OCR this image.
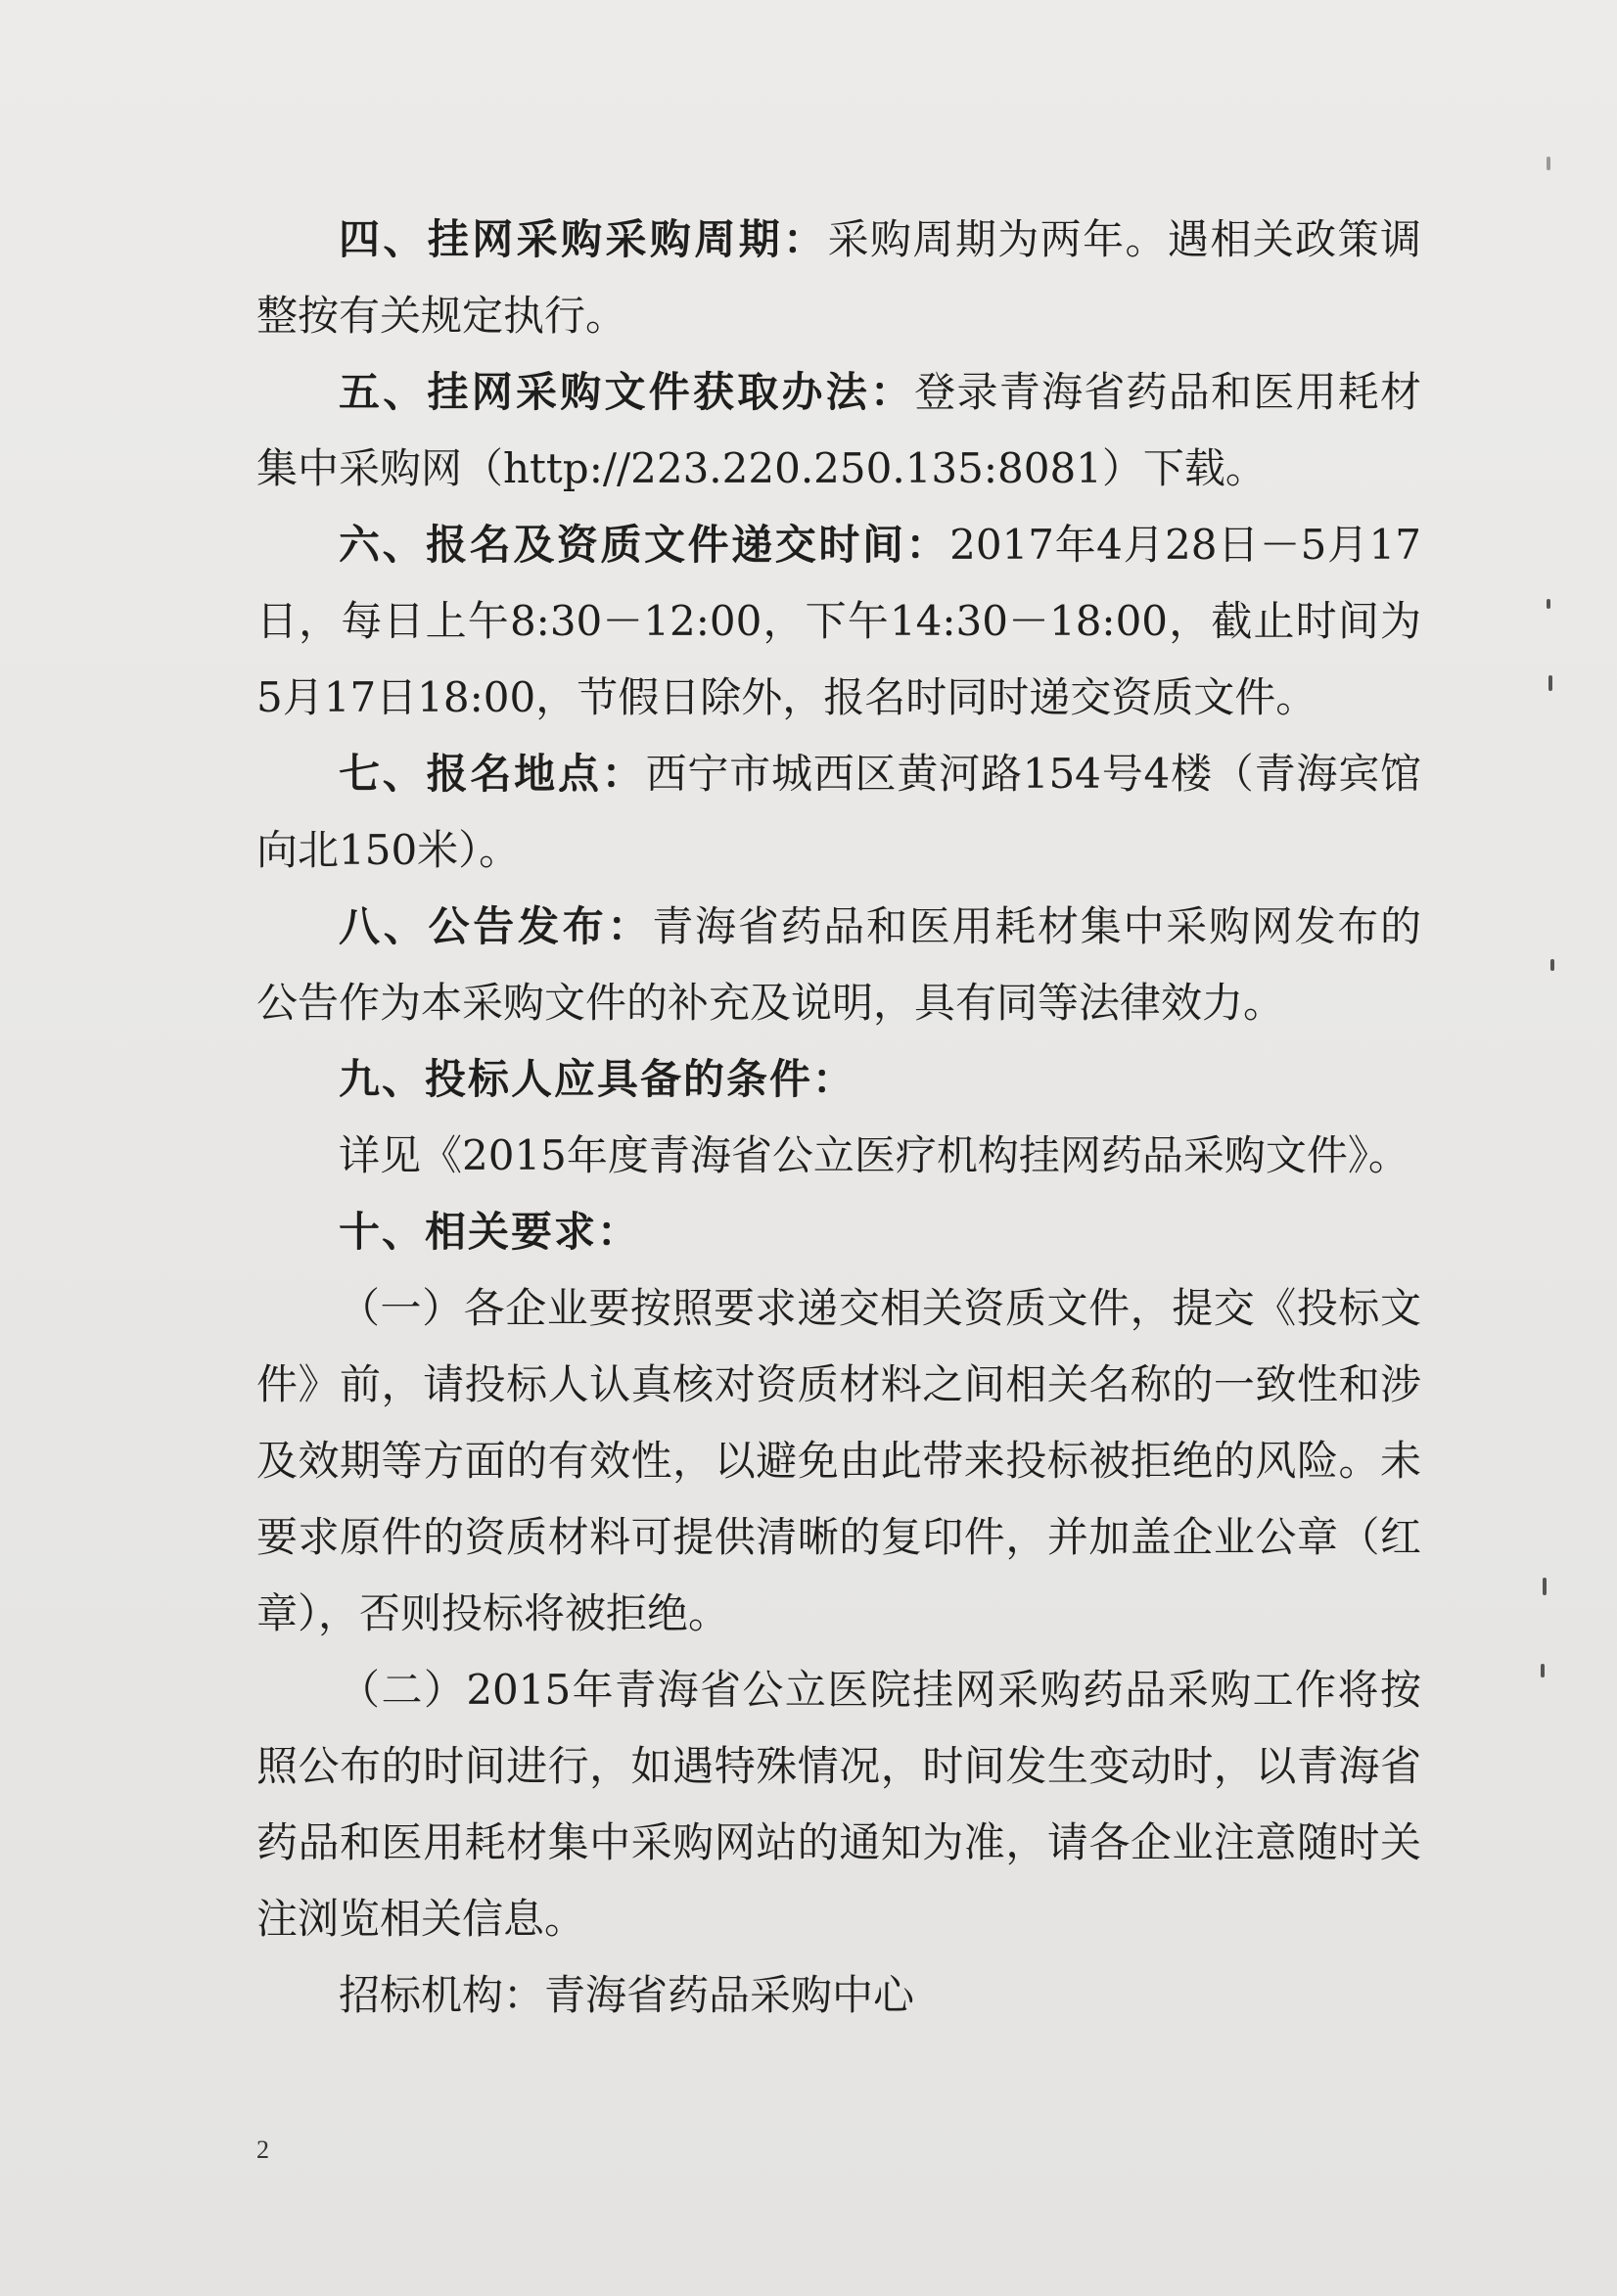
四、挂网采购采购周期：采购周期为两年。遇相关政策调整按有关规定执行。

五、挂网采购文件获取办法：登录青海省药品和医用耗材集中采购网（http://223.220.250.135:8081）下载。

六、报名及资质文件递交时间：2017年4月28日－5月17日，每日上午8:30－12:00，下午14:30－18:00，截止时间为5月17日18:00，节假日除外，报名时同时递交资质文件。

七、报名地点：西宁市城西区黄河路154号4楼（青海宾馆向北150米）。

八、公告发布：青海省药品和医用耗材集中采购网发布的公告作为本采购文件的补充及说明，具有同等法律效力。

九、投标人应具备的条件：

详见《2015年度青海省公立医疗机构挂网药品采购文件》。

十、相关要求：

（一）各企业要按照要求递交相关资质文件，提交《投标文件》前，请投标人认真核对资质材料之间相关名称的一致性和涉及效期等方面的有效性，以避免由此带来投标被拒绝的风险。未要求原件的资质材料可提供清晰的复印件，并加盖企业公章（红章），否则投标将被拒绝。

（二）2015年青海省公立医院挂网采购药品采购工作将按照公布的时间进行，如遇特殊情况，时间发生变动时，以青海省药品和医用耗材集中采购网站的通知为准，请各企业注意随时关注浏览相关信息。

招标机构：青海省药品采购中心

2
